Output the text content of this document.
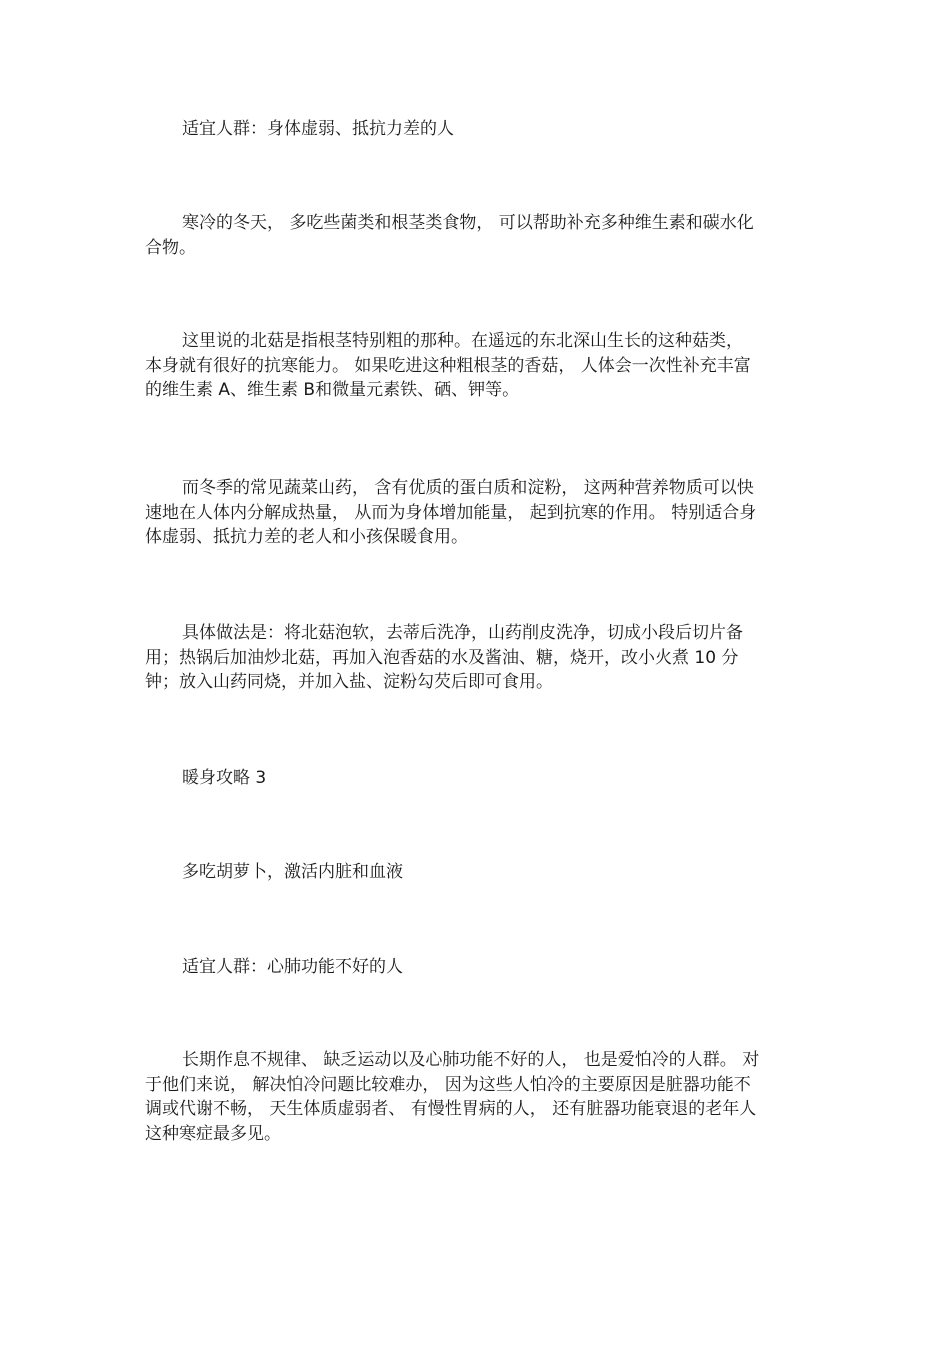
适宜人群：身体虚弱、抵抗力差的人

寒冷的冬天， 多吃些菌类和根茎类食物， 可以帮助补充多种维生素和碳水化
合物。

这里说的北菇是指根茎特别粗的那种。在遥远的东北深山生长的这种菇类，
本身就有很好的抗寒能力。 如果吃进这种粗根茎的香菇， 人体会一次性补充丰富
的维生素 A、维生素 B和微量元素铁、硒、钾等。

而冬季的常见蔬菜山药， 含有优质的蛋白质和淀粉， 这两种营养物质可以快
速地在人体内分解成热量， 从而为身体增加能量， 起到抗寒的作用。 特别适合身
体虚弱、抵抗力差的老人和小孩保暖食用。

具体做法是：将北菇泡软，去蒂后洗净，山药削皮洗净，切成小段后切片备
用；热锅后加油炒北菇，再加入泡香菇的水及酱油、糖，烧开，改小火煮 10 分
钟；放入山药同烧，并加入盐、淀粉勾芡后即可食用。

暖身攻略 3

多吃胡萝卜，激活内脏和血液

适宜人群：心肺功能不好的人

长期作息不规律、 缺乏运动以及心肺功能不好的人， 也是爱怕冷的人群。 对
于他们来说， 解决怕冷问题比较难办， 因为这些人怕冷的主要原因是脏器功能不
调或代谢不畅， 天生体质虚弱者、 有慢性胃病的人， 还有脏器功能衰退的老年人
这种寒症最多见。
